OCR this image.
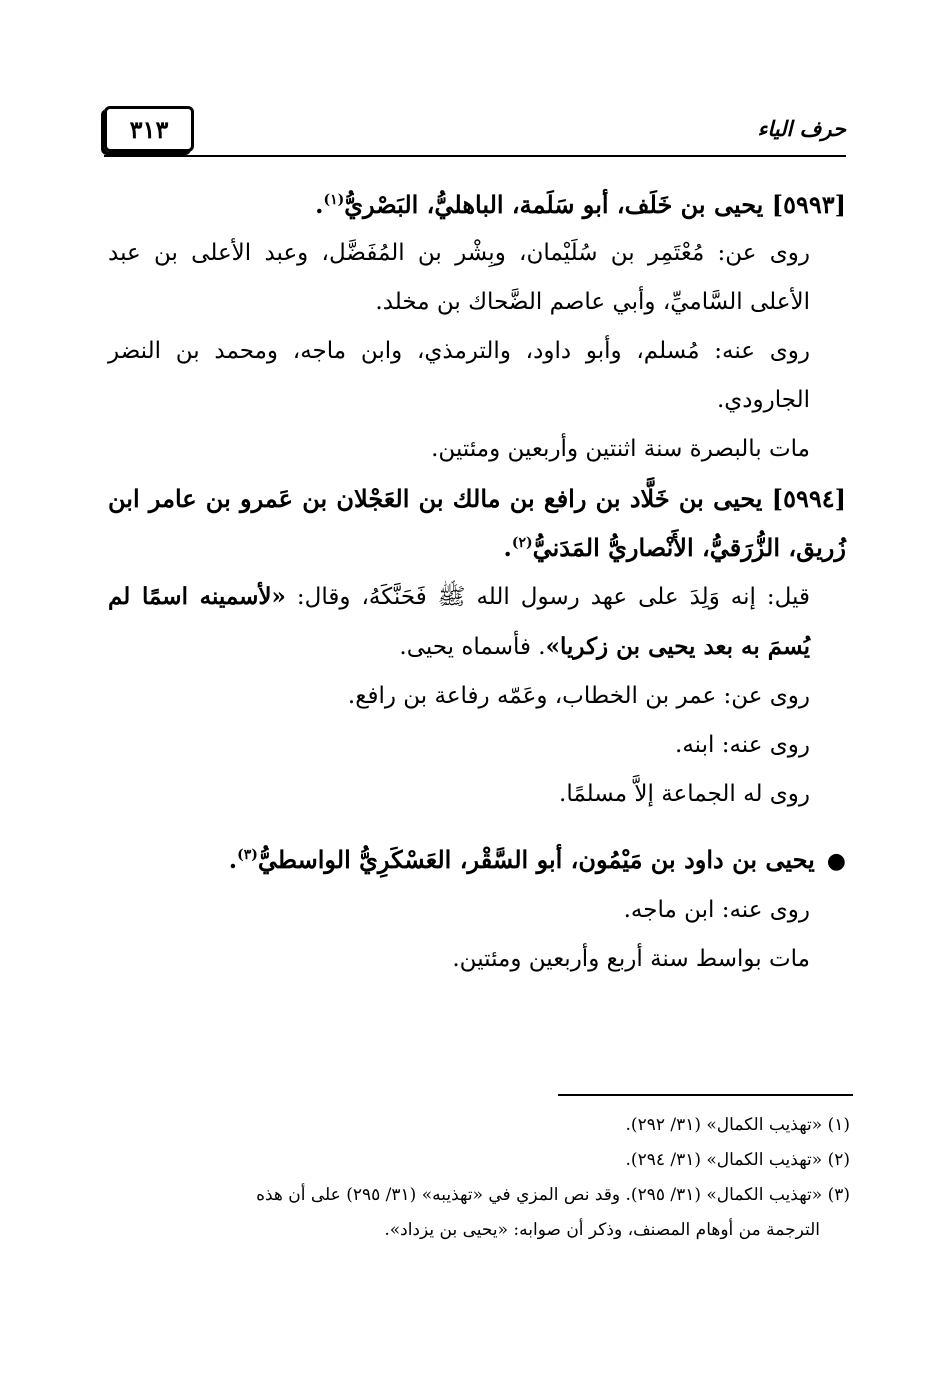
حرف الياء
٣١٣

[٥٩٩٣] يحيى بن خَلَف، أبو سَلَمة، الباهليُّ، البَصْريُّ$^{(١)}$.

روى عن: مُعْتَمِر بن سُلَيْمان، وبِشْر بن المُفَضَّل، وعبد الأعلى بن عبد الأعلى السَّاميِّ، وأبي عاصم الضَّحاك بن مخلد.

روى عنه: مُسلم، وأبو داود، والترمذي، وابن ماجه، ومحمد بن النضر الجارودي.

مات بالبصرة سنة اثنتين وأربعين ومئتين.

[٥٩٩٤] يحيى بن خَلَّاد بن رافع بن مالك بن العَجْلان بن عَمرو بن عامر ابن زُريق، الزُّرَقيُّ، الأَنْصاريُّ المَدَنيُّ$^{(٢)}$.

قيل: إنه وَلِدَ على عهد رسول الله ﷺ فَحَنَّكَهُ، وقال: «لأسمينه اسمًا لم يُسمَ به بعد يحيى بن زكريا». فأسماه يحيى.

روى عن: عمر بن الخطاب، وعَمّه رفاعة بن رافع.

روى عنه: ابنه.

روى له الجماعة إلاَّ مسلمًا.

●يحيى بن داود بن مَيْمُون، أبو السَّقْر، العَسْكَرِيُّ الواسطيُّ$^{(٣)}$.

روى عنه: ابن ماجه.

مات بواسط سنة أربع وأربعين ومئتين.

(١) «تهذيب الكمال» (٣١/ ٢٩٢).

(٢) «تهذيب الكمال» (٣١/ ٢٩٤).

(٣) «تهذيب الكمال» (٣١/ ٢٩٥). وقد نص المزي في «تهذيبه» (٣١/ ٢٩٥) على أن هذه

الترجمة من أوهام المصنف، وذكر أن صوابه: «يحيى بن يزداد».
